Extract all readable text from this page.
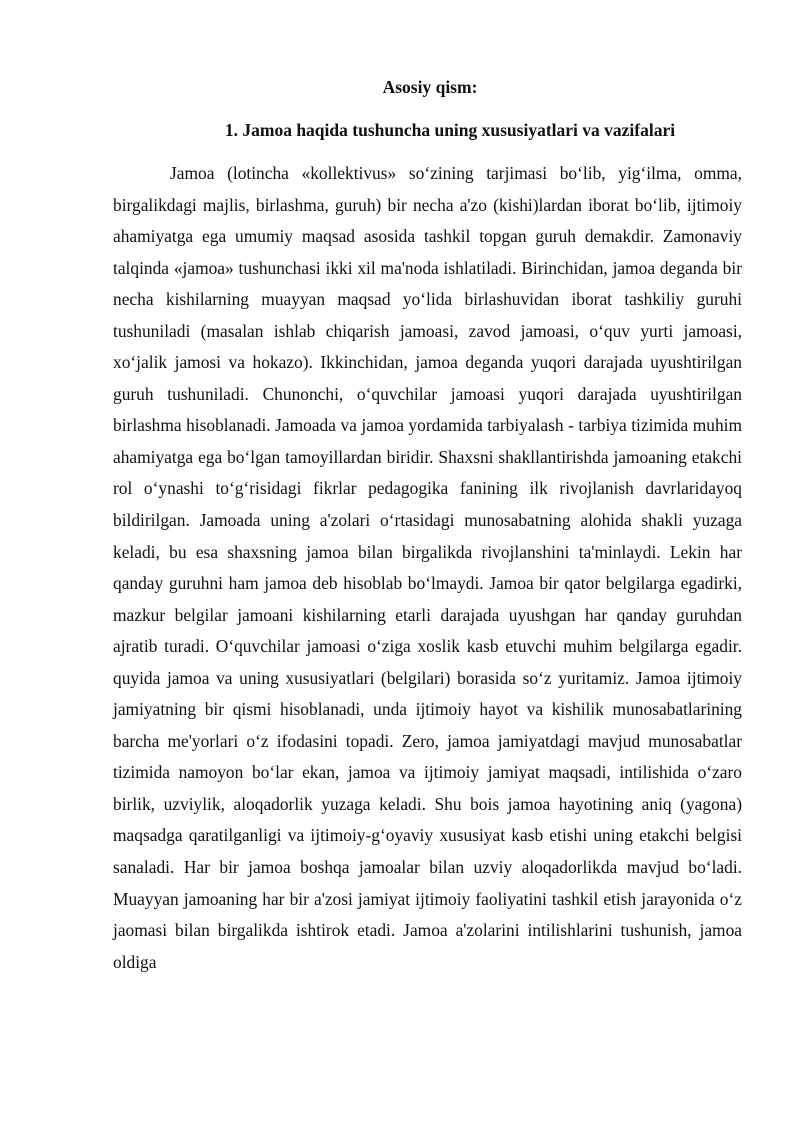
Asosiy qism:
1. Jamoa haqida tushuncha uning xususiyatlari va vazifalari

Jamoa (lotincha «kollektivus» so‘zining tarjimasi bo‘lib, yig‘ilma, omma, birgalikdagi majlis, birlashma, guruh) bir necha a'zo (kishi)lardan iborat bo‘lib, ijtimoiy ahamiyatga ega umumiy maqsad asosida tashkil topgan guruh demakdir. Zamonaviy talqinda «jamoa» tushunchasi ikki xil ma'noda ishlatiladi. Birinchidan, jamoa deganda bir necha kishilarning muayyan maqsad yo‘lida birlashuvidan iborat tashkiliy guruhi tushuniladi (masalan ishlab chiqarish jamoasi, zavod jamoasi, o‘quv yurti jamoasi, xo‘jalik jamosi va hokazo). Ikkinchidan, jamoa deganda yuqori darajada uyushtirilgan guruh tushuniladi. Chunonchi, o‘quvchilar jamoasi yuqori darajada uyushtirilgan birlashma hisoblanadi. Jamoada va jamoa yordamida tarbiyalash - tarbiya tizimida muhim ahamiyatga ega bo‘lgan tamoyillardan biridir. Shaxsni shakllantirishda jamoaning etakchi rol o‘ynashi to‘g‘risidagi fikrlar pedagogika fanining ilk rivojlanish davrlaridayoq bildirilgan. Jamoada uning a'zolari o‘rtasidagi munosabatning alohida shakli yuzaga keladi, bu esa shaxsning jamoa bilan birgalikda rivojlanshini ta'minlaydi. Lekin har qanday guruhni ham jamoa deb hisoblab bo‘lmaydi. Jamoa bir qator belgilarga egadirki, mazkur belgilar jamoani kishilarning etarli darajada uyushgan har qanday guruhdan ajratib turadi. O‘quvchilar jamoasi o‘ziga xoslik kasb etuvchi muhim belgilarga egadir. quyida jamoa va uning xususiyatlari (belgilari) borasida so‘z yuritamiz. Jamoa ijtimoiy jamiyatning bir qismi hisoblanadi, unda ijtimoiy hayot va kishilik munosabatlarining barcha me'yorlari o‘z ifodasini topadi. Zero, jamoa jamiyatdagi mavjud munosabatlar tizimida namoyon bo‘lar ekan, jamoa va ijtimoiy jamiyat maqsadi, intilishida o‘zaro birlik, uzviylik, aloqadorlik yuzaga keladi. Shu bois jamoa hayotining aniq (yagona) maqsadga qaratilganligi va ijtimoiy-g‘oyaviy xususiyat kasb etishi uning etakchi belgisi sanaladi. Har bir jamoa boshqa jamoalar bilan uzviy aloqadorlikda mavjud bo‘ladi. Muayyan jamoaning har bir a'zosi jamiyat ijtimoiy faoliyatini tashkil etish jarayonida o‘z jaomasi bilan birgalikda ishtirok etadi. Jamoa a'zolarini intilishlarini tushunish, jamoa oldiga
